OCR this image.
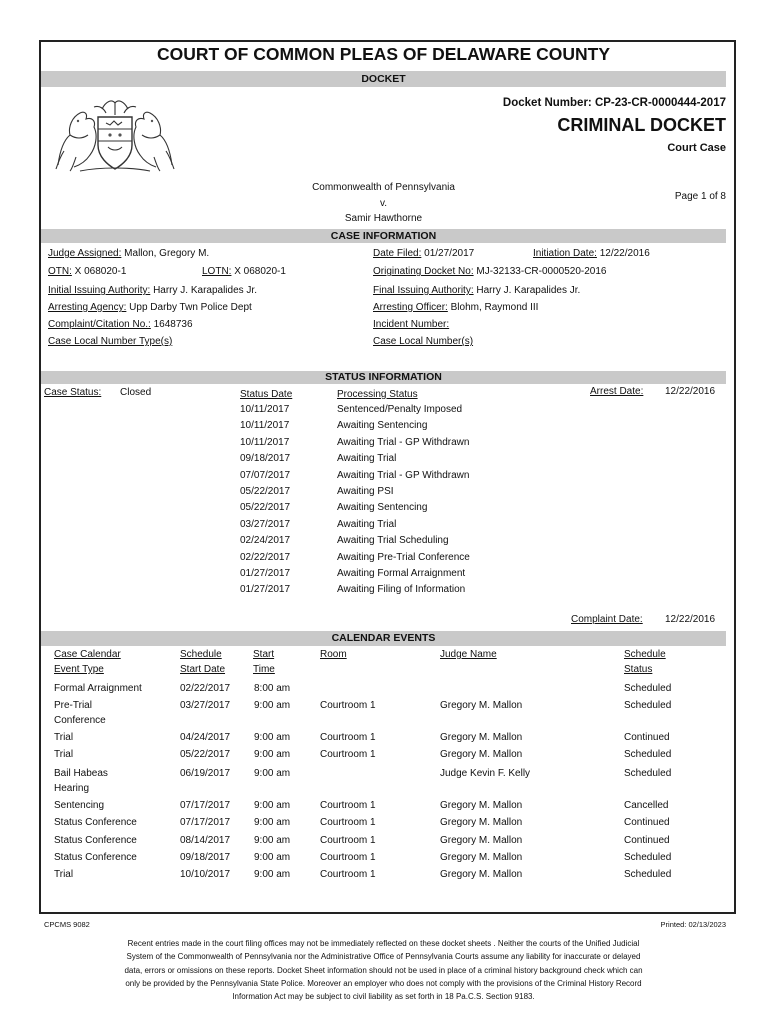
COURT OF COMMON PLEAS OF DELAWARE COUNTY
DOCKET
Docket Number: CP-23-CR-0000444-2017
CRIMINAL DOCKET
Court Case
Commonwealth of Pennsylvania
v.
Samir Hawthorne
Page 1 of 8
CASE INFORMATION
Judge Assigned: Mallon, Gregory M.	Date Filed: 01/27/2017	Initiation Date: 12/22/2016
OTN: X 068020-1	LOTN: X 068020-1	Originating Docket No: MJ-32133-CR-0000520-2016
Initial Issuing Authority: Harry J. Karapalides Jr.	Final Issuing Authority: Harry J. Karapalides Jr.
Arresting Agency: Upp Darby Twn Police Dept	Arresting Officer: Blohm, Raymond III
Complaint/Citation No.: 1648736	Incident Number:
Case Local Number Type(s)	Case Local Number(s)
STATUS INFORMATION
Case Status: Closed	Status Date	Processing Status	Arrest Date: 12/22/2016
10/11/2017	Sentenced/Penalty Imposed
10/11/2017	Awaiting Sentencing
10/11/2017	Awaiting Trial - GP Withdrawn
09/18/2017	Awaiting Trial
07/07/2017	Awaiting Trial - GP Withdrawn
05/22/2017	Awaiting PSI
05/22/2017	Awaiting Sentencing
03/27/2017	Awaiting Trial
02/24/2017	Awaiting Trial Scheduling
02/22/2017	Awaiting Pre-Trial Conference
01/27/2017	Awaiting Formal Arraignment
01/27/2017	Awaiting Filing of Information
Complaint Date: 12/22/2016
CALENDAR EVENTS
Case Calendar
Event Type
Schedule
Start Date
Start
Time
Room	Judge Name	Schedule
Status
Formal Arraignment	02/22/2017 8:00 am	Scheduled
Pre-Trial
Conference
03/27/2017 9:00 am	Courtroom 1	Gregory M. Mallon	Scheduled
Trial	04/24/2017 9:00 am	Courtroom 1	Gregory M. Mallon	Continued
Trial	05/22/2017 9:00 am	Courtroom 1	Gregory M. Mallon	Scheduled
Bail Habeas
Hearing
06/19/2017 9:00 am	Judge Kevin F. Kelly	Scheduled
Sentencing	07/17/2017 9:00 am	Courtroom 1	Gregory M. Mallon	Cancelled
Status Conference	07/17/2017 9:00 am	Courtroom 1	Gregory M. Mallon	Continued
Status Conference	08/14/2017 9:00 am	Courtroom 1	Gregory M. Mallon	Continued
Status Conference	09/18/2017 9:00 am	Courtroom 1	Gregory M. Mallon	Scheduled
Trial	10/10/2017 9:00 am	Courtroom 1	Gregory M. Mallon	Scheduled
CPCMS 9082	Printed: 02/13/2023
Recent entries made in the court filing offices may not be immediately reflected on these docket sheets . Neither the courts of the Unified Judicial
System of the Commonwealth of Pennsylvania nor the Administrative Office of Pennsylvania Courts assume any liability for inaccurate or delayed
data, errors or omissions on these reports. Docket Sheet information should not be used in place of a criminal history background check which can
only be provided by the Pennsylvania State Police. Moreover an employer who does not comply with the provisions of the Criminal History Record
Information Act may be subject to civil liability as set forth in 18 Pa.C.S. Section 9183.
